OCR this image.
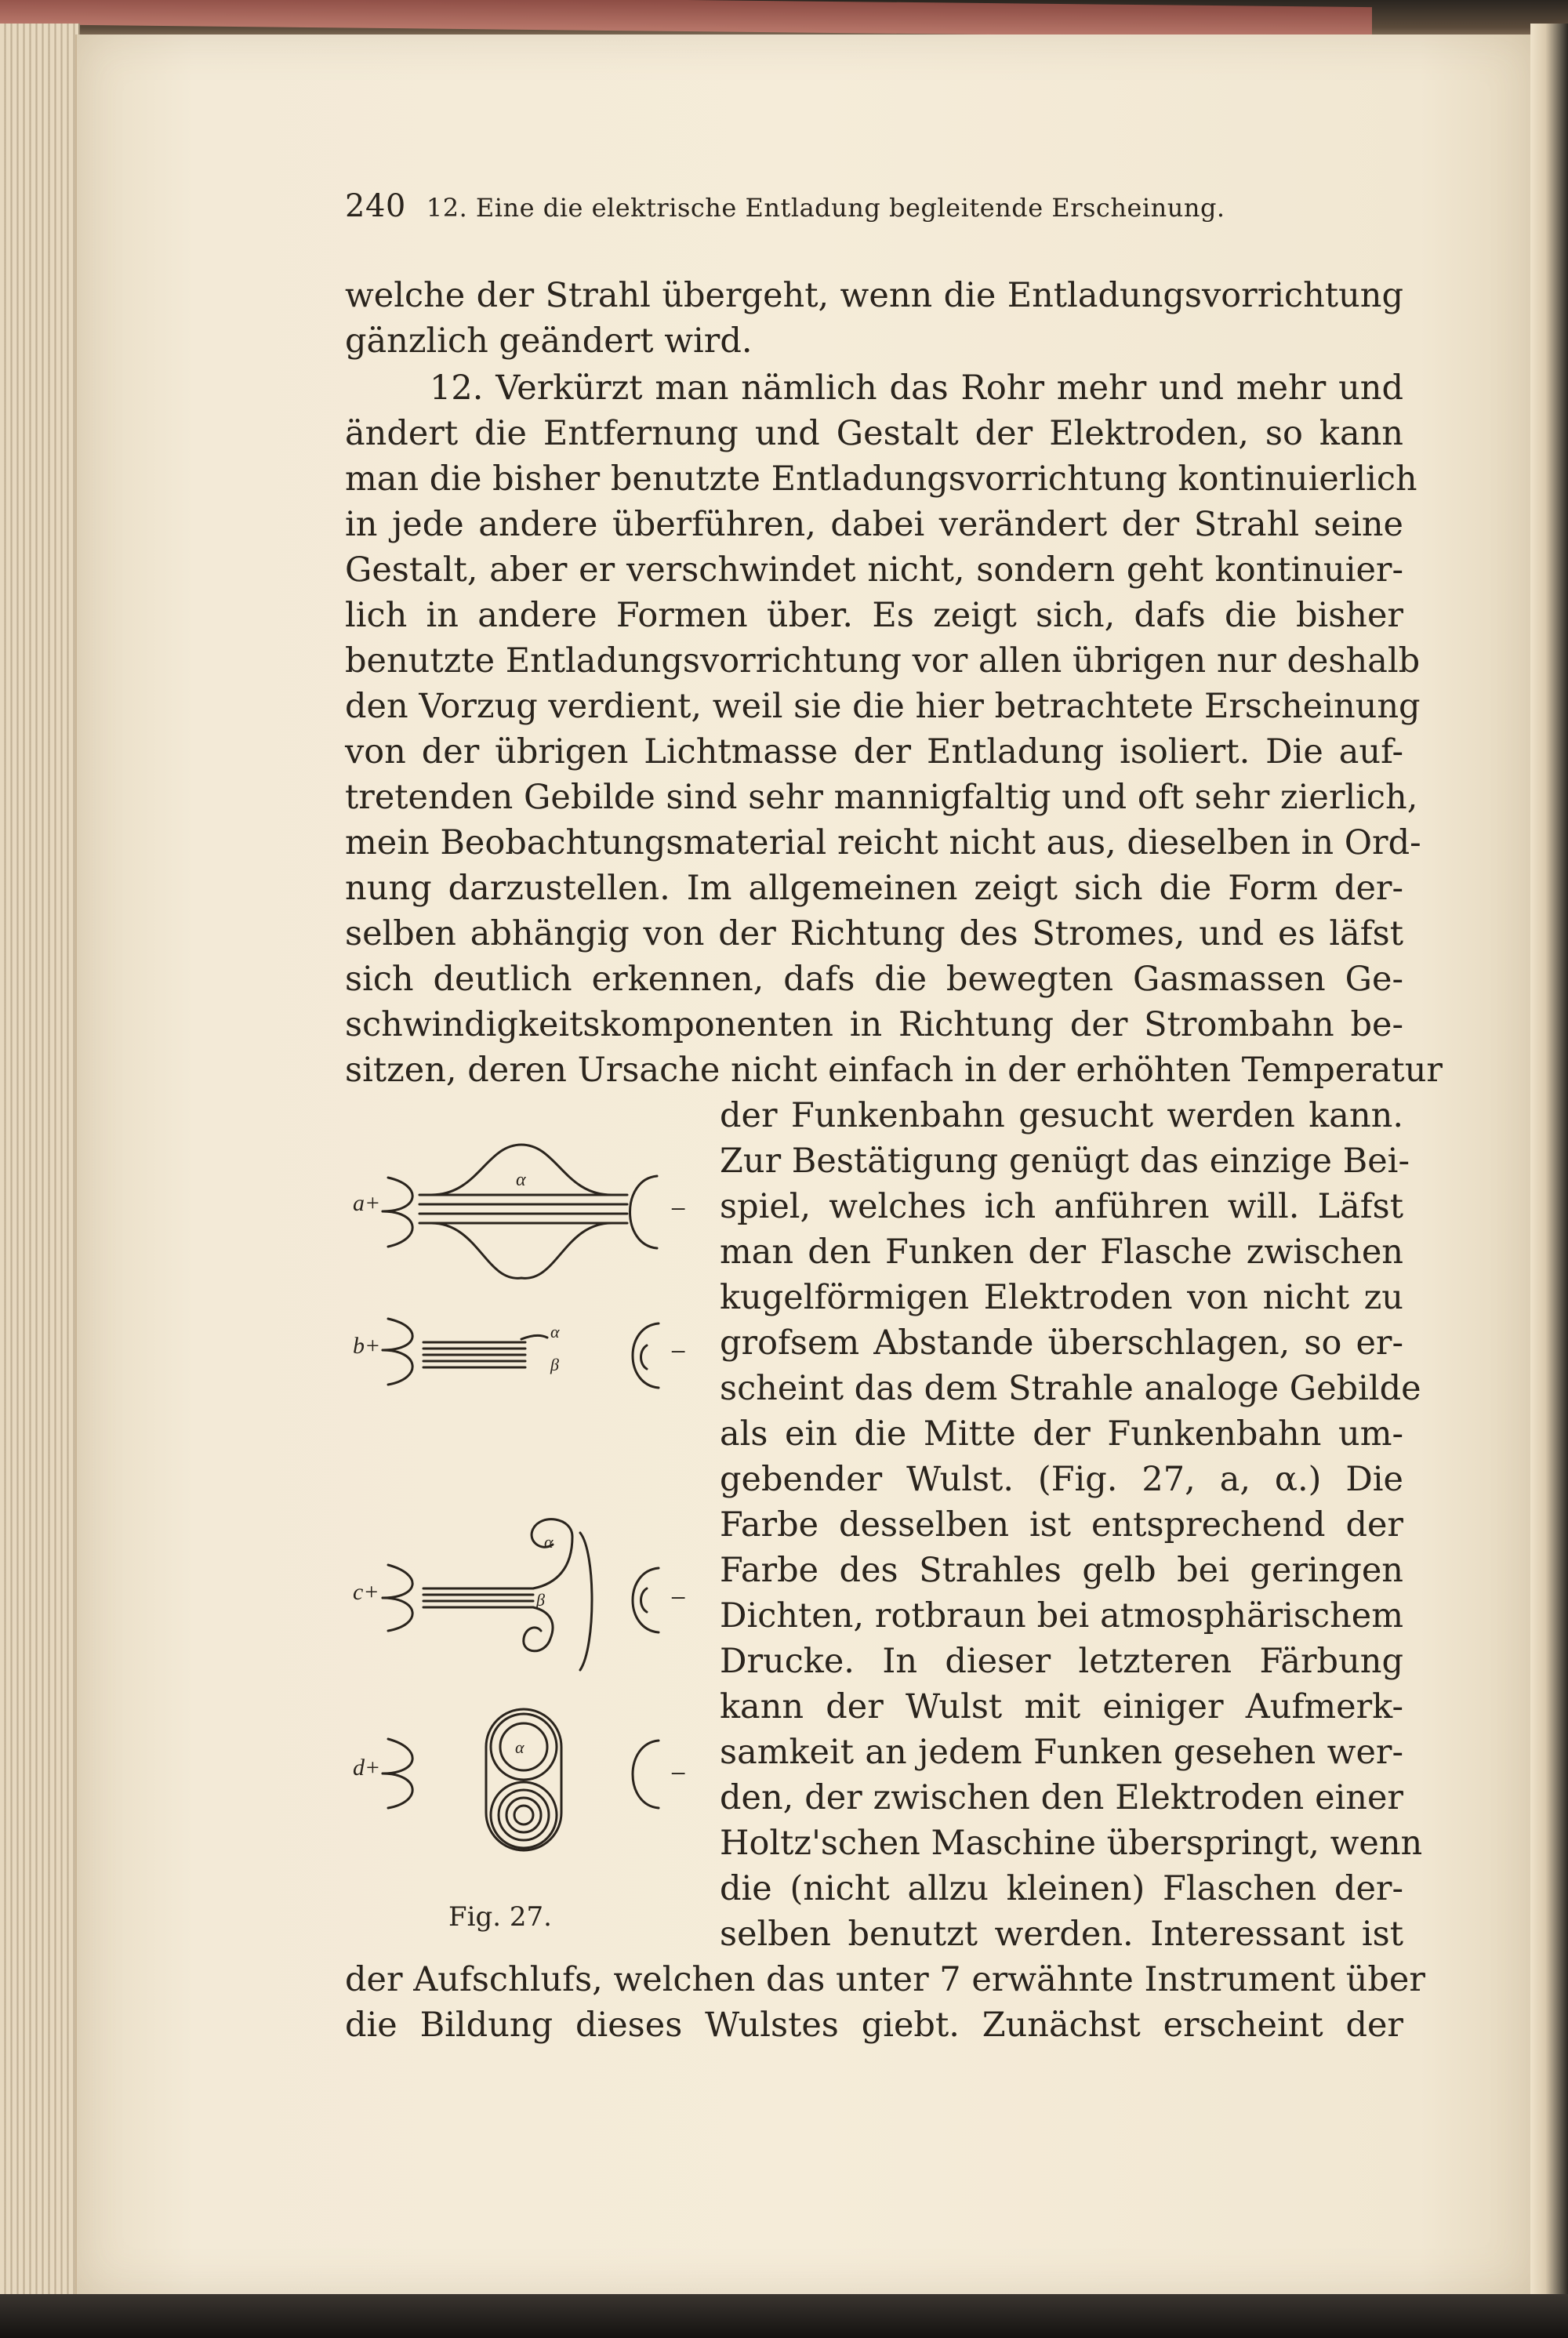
240 12. Eine die elektrische Entladung begleitende Erscheinung.
welche der Strahl übergeht, wenn die Entladungsvorrichtung
gänzlich geändert wird.
12. Verkürzt man nämlich das Rohr mehr und mehr und
ändert die Entfernung und Gestalt der Elektroden, so kann
man die bisher benutzte Entladungsvorrichtung kontinuierlich
in jede andere überführen, dabei verändert der Strahl seine
Gestalt, aber er verschwindet nicht, sondern geht kontinuier-
lich in andere Formen über. Es zeigt sich, dafs die bisher
benutzte Entladungsvorrichtung vor allen übrigen nur deshalb
den Vorzug verdient, weil sie die hier betrachtete Erscheinung
von der übrigen Lichtmasse der Entladung isoliert. Die auf-
tretenden Gebilde sind sehr mannigfaltig und oft sehr zierlich,
mein Beobachtungsmaterial reicht nicht aus, dieselben in Ord-
nung darzustellen. Im allgemeinen zeigt sich die Form der-
selben abhängig von der Richtung des Stromes, und es läfst
sich deutlich erkennen, dafs die bewegten Gasmassen Ge-
schwindigkeitskomponenten in Richtung der Strombahn be-
sitzen, deren Ursache nicht einfach in der erhöhten Temperatur
der Funkenbahn gesucht werden kann.
Zur Bestätigung genügt das einzige Bei-
spiel, welches ich anführen will. Läfst
man den Funken der Flasche zwischen
kugelförmigen Elektroden von nicht zu
grofsem Abstande überschlagen, so er-
scheint das dem Strahle analoge Gebilde
als ein die Mitte der Funkenbahn um-
gebender Wulst. (Fig. 27, a, α.) Die
Farbe desselben ist entsprechend der
Farbe des Strahles gelb bei geringen
Dichten, rotbraun bei atmosphärischem
Drucke. In dieser letzteren Färbung
kann der Wulst mit einiger Aufmerk-
samkeit an jedem Funken gesehen wer-
den, der zwischen den Elektroden einer
Holtz'schen Maschine überspringt, wenn
die (nicht allzu kleinen) Flaschen der-
selben benutzt werden. Interessant ist
der Aufschlufs, welchen das unter 7 erwähnte Instrument über
die Bildung dieses Wulstes giebt. Zunächst erscheint der
a+
b+
c+
d+
α
α
β
α
β
α
−
−
−
−
Fig. 27.
